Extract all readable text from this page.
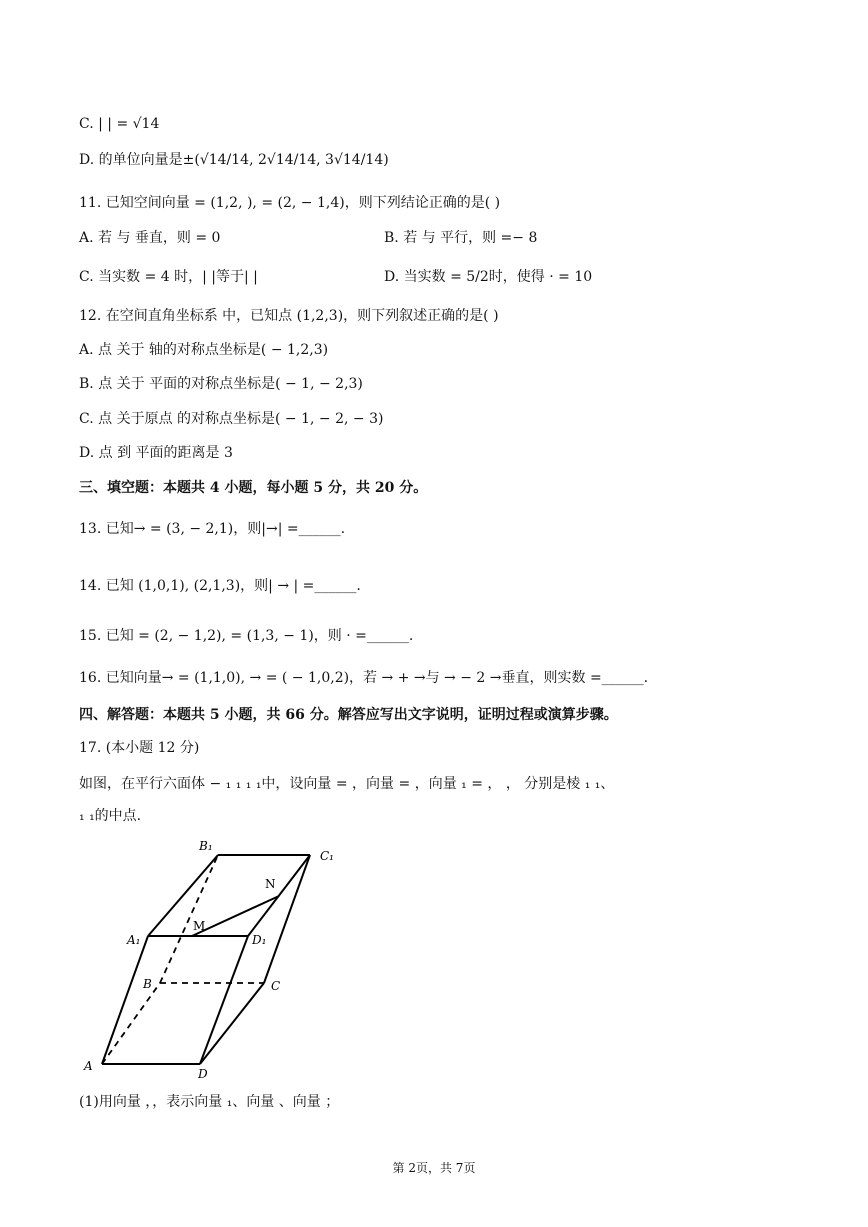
C. | | = √14
D. 的单位向量是±(√14/14, 2√14/14, 3√14/14)
11. 已知空间向量 = (1,2, ), = (2, − 1,4)，则下列结论正确的是( )
A. 若 与 垂直，则 = 0	B. 若 与 平行，则 =− 8
C. 当实数 = 4 时，| |等于| |	D. 当实数 = 5/2时，使得 · = 10
12. 在空间直角坐标系 中，已知点 (1,2,3)，则下列叙述正确的是( )
A. 点 关于 轴的对称点坐标是( − 1,2,3)
B. 点 关于 平面的对称点坐标是( − 1, − 2,3)
C. 点 关于原点 的对称点坐标是( − 1, − 2, − 3)
D. 点 到 平面的距离是 3
三、填空题：本题共 4 小题，每小题 5 分，共 20 分。
13. 已知→ = (3, − 2,1)，则|→| =______.
14. 已知 (1,0,1), (2,1,3)，则| → | =______.
15. 已知 = (2, − 1,2), = (1,3, − 1)，则 · =______.
16. 已知向量→ = (1,1,0), → = ( − 1,0,2)，若 → + →与 → − 2 →垂直，则实数 =______.
四、解答题：本题共 5 小题，共 66 分。解答应写出文字说明，证明过程或演算步骤。
17. (本小题 12 分)
如图，在平行六面体 − ₁ ₁ ₁ ₁中，设向量 = ，向量 = ，向量 ₁ = ， ， 分别是棱 ₁ ₁、
₁ ₁的中点.
B₁
C₁
N
M
A₁	D₁
B	C
A
D
(1)用向量 ，，表示向量 ₁、向量 、向量 ；
第 2页，共 7页
